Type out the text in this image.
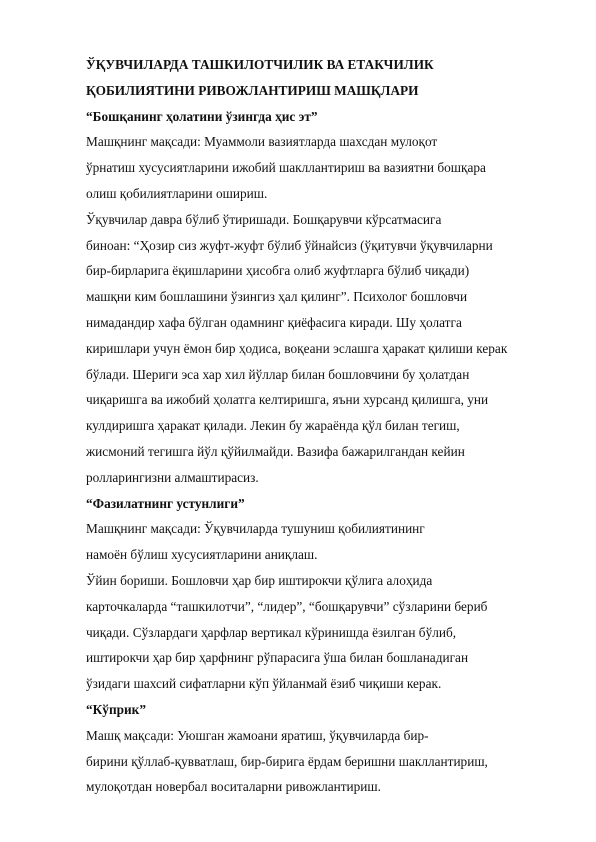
ЎҚУВЧИЛАРДА ТАШКИЛОТЧИЛИК ВА ЕТАКЧИЛИК
ҚОБИЛИЯТИНИ РИВОЖЛАНТИРИШ МАШҚЛАРИ
“Бошқанинг ҳолатини ўзингда ҳис эт”
Машқнинг мақсади: Муаммоли вазиятларда шахсдан мулоқот
ўрнатиш хусусиятларини ижобий шакллантириш ва вазиятни бошқара
олиш қобилиятларини ошириш.
Ўқувчилар давра бўлиб ўтиришади. Бошқарувчи кўрсатмасига
биноан: “Ҳозир сиз жуфт-жуфт бўлиб ўйнайсиз (ўқитувчи ўқувчиларни
бир-бирларига ёқишларини ҳисобга олиб жуфтларга бўлиб чиқади)
машқни ким бошлашини ўзингиз ҳал қилинг”. Психолог бошловчи
нимадандир хафа бўлган одамнинг қиёфасига киради. Шу ҳолатга
киришлари учун ёмон бир ҳодиса, воқеани эслашга ҳаракат қилиши керак
бўлади. Шериги эса хар хил йўллар билан бошловчини бу ҳолатдан
чиқаришга ва ижобий ҳолатга келтиришга, яъни хурсанд қилишга, уни
кулдиришга ҳаракат қилади. Лекин бу жараёнда қўл билан тегиш,
жисмоний тегишга йўл қўйилмайди. Вазифа бажарилгандан кейин
ролларингизни алмаштирасиз.
“Фазилатнинг устунлиги”
Машқнинг мақсади: Ўқувчиларда тушуниш қобилиятининг
намоён бўлиш хусусиятларини аниқлаш.
Ўйин бориши. Бошловчи ҳар бир иштирокчи қўлига алоҳида
карточкаларда “ташкилотчи”, “лидер”, “бошқарувчи” сўзларини бериб
чиқади. Сўзлардаги ҳарфлар вертикал кўринишда ёзилган бўлиб,
иштирокчи ҳар бир ҳарфнинг рўпарасига ўша билан бошланадиган
ўзидаги шахсий сифатларни кўп ўйланмай ёзиб чиқиши керак.
“Кўприк”
Машқ мақсади: Уюшган жамоани яратиш, ўқувчиларда бир-
бирини қўллаб-қувватлаш, бир-бирига ёрдам беришни шакллантириш,
мулоқотдан новербал воситаларни ривожлантириш.
